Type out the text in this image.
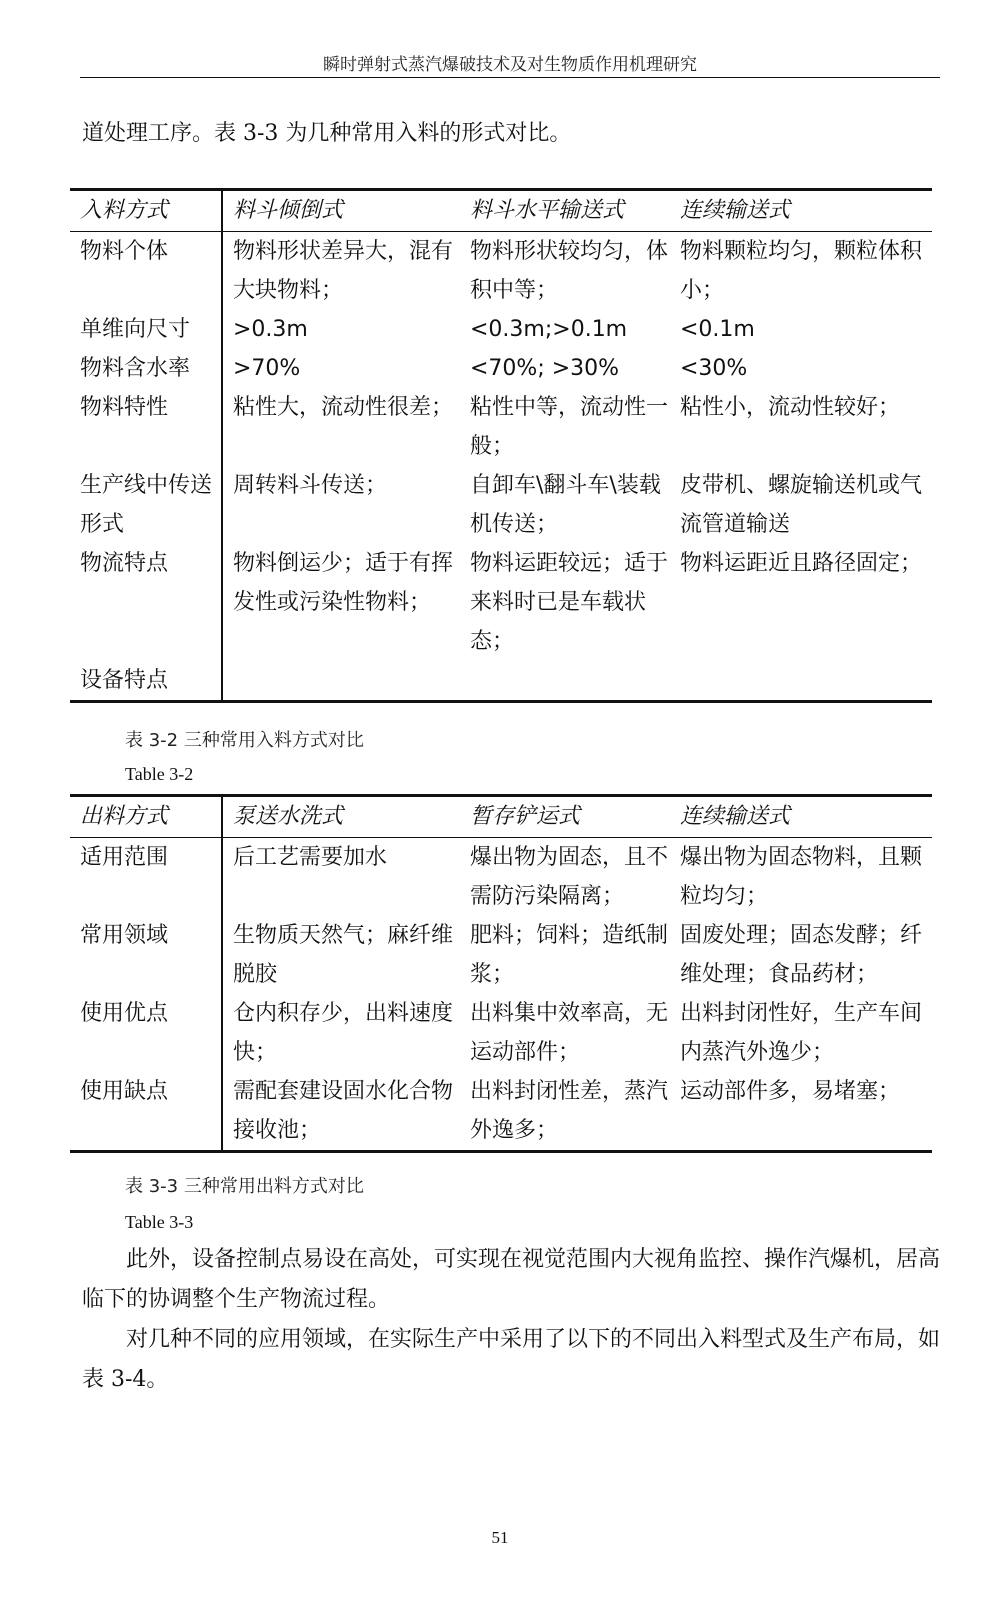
瞬时弹射式蒸汽爆破技术及对生物质作用机理研究
道处理工序。表 3-3 为几种常用入料的形式对比。
入料方式	料斗倾倒式	料斗水平输送式	连续输送式
物料个体	物料形状差异大，混有大块物料；	物料形状较均匀，体积中等；	物料颗粒均匀，颗粒体积小；
单维向尺寸	>0.3m	<0.3m;>0.1m	<0.1m
物料含水率	>70%	<70%; >30%	<30%
物料特性	粘性大，流动性很差；	粘性中等，流动性一般；	粘性小，流动性较好；
生产线中传送形式	周转料斗传送；	自卸车\翻斗车\装载机传送；	皮带机、螺旋输送机或气流管道输送
物流特点	物料倒运少；适于有挥发性或污染性物料；	物料运距较远；适于来料时已是车载状态；	物料运距近且路径固定；
设备特点			
表 3-2 三种常用入料方式对比
Table 3-2
出料方式	泵送水洗式	暂存铲运式	连续输送式
适用范围	后工艺需要加水	爆出物为固态，且不需防污染隔离；	爆出物为固态物料，且颗粒均匀；
常用领域	生物质天然气；麻纤维脱胶	肥料；饲料；造纸制浆；	固废处理；固态发酵；纤维处理；食品药材；
使用优点	仓内积存少，出料速度快；	出料集中效率高，无运动部件；	出料封闭性好，生产车间内蒸汽外逸少；
使用缺点	需配套建设固水化合物接收池；	出料封闭性差，蒸汽外逸多；	运动部件多，易堵塞；
表 3-3 三种常用出料方式对比
Table 3-3

此外，设备控制点易设在高处，可实现在视觉范围内大视角监控、操作汽爆机，居高临下的协调整个生产物流过程。

对几种不同的应用领域，在实际生产中采用了以下的不同出入料型式及生产布局，如表 3-4。

51
